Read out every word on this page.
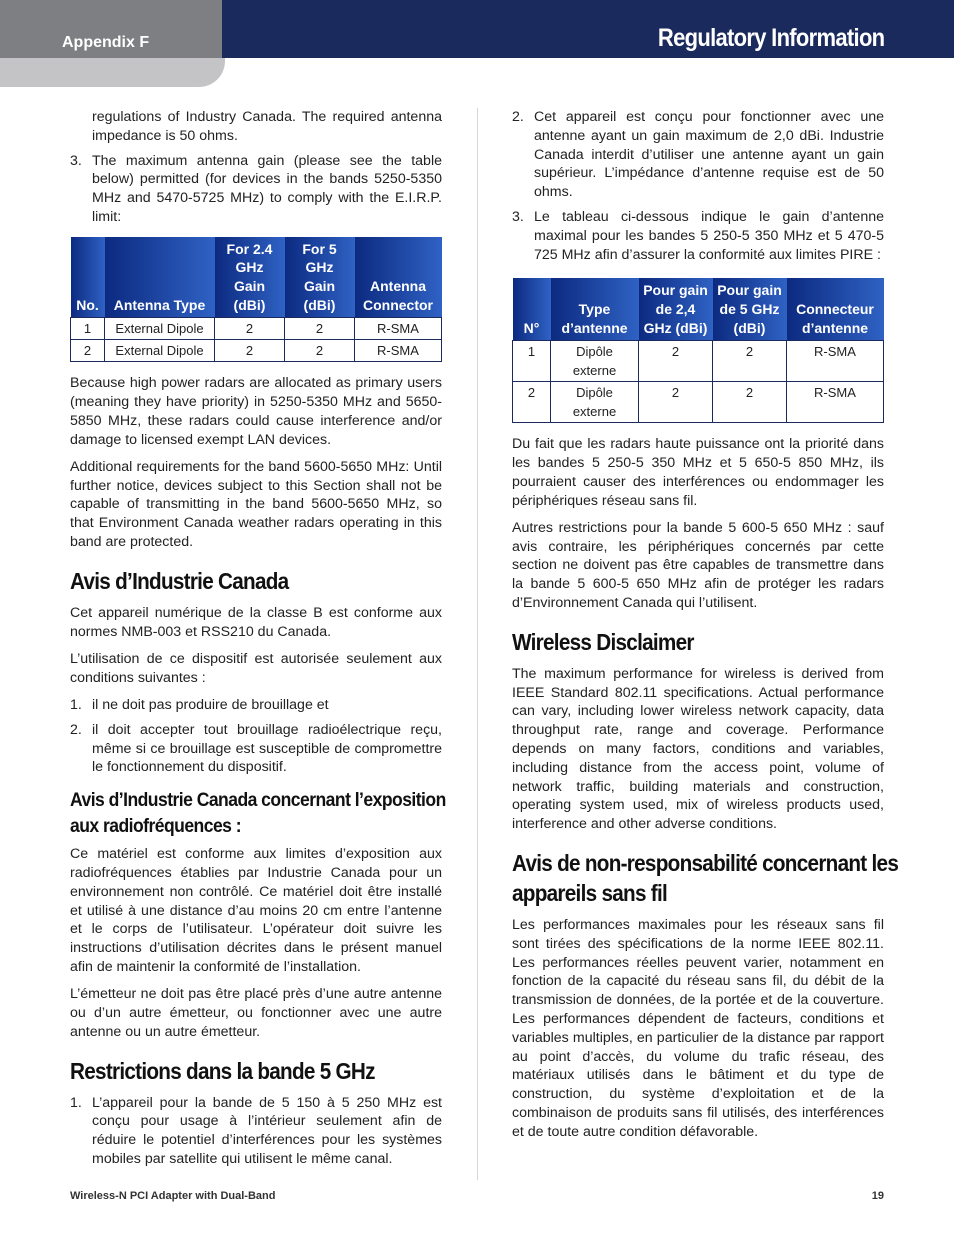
Appendix F	Regulatory Information
regulations of Industry Canada. The required antenna impedance is 50 ohms.
3. The maximum antenna gain (please see the table below) permitted (for devices in the bands 5250-5350 MHz and 5470-5725 MHz) to comply with the E.I.R.P. limit:
No.	Antenna Type	For 2.4 GHz Gain (dBi)	For 5 GHz Gain (dBi)	Antenna Connector
1	External Dipole	2	2	R-SMA
2	External Dipole	2	2	R-SMA

Because high power radars are allocated as primary users (meaning they have priority) in 5250-5350 MHz and 5650-5850 MHz, these radars could cause interference and/or damage to licensed exempt LAN devices.

Additional requirements for the band 5600-5650 MHz: Until further notice, devices subject to this Section shall not be capable of transmitting in the band 5600-5650 MHz, so that Environment Canada weather radars operating in this band are protected.

Avis d’Industrie Canada

Cet appareil numérique de la classe B est conforme aux normes NMB-003 et RSS210 du Canada.

L’utilisation de ce dispositif est autorisée seulement aux conditions suivantes :

1. il ne doit pas produire de brouillage et
2. il doit accepter tout brouillage radioélectrique reçu, même si ce brouillage est susceptible de compromettre le fonctionnement du dispositif.
Avis d’Industrie Canada concernant l’exposition
aux radiofréquences :

Ce matériel est conforme aux limites d’exposition aux radiofréquences établies par Industrie Canada pour un environnement non contrôlé. Ce matériel doit être installé et utilisé à une distance d’au moins 20 cm entre l’antenne et le corps de l’utilisateur. L’opérateur doit suivre les instructions d’utilisation décrites dans le présent manuel afin de maintenir la conformité de l’installation.

L’émetteur ne doit pas être placé près d’une autre antenne ou d’un autre émetteur, ou fonctionner avec une autre antenne ou un autre émetteur.

Restrictions dans la bande 5 GHz
1. L’appareil pour la bande de 5 150 à 5 250 MHz est conçu pour usage à l’intérieur seulement afin de réduire le potentiel d’interférences pour les systèmes mobiles par satellite qui utilisent le même canal.
2. Cet appareil est conçu pour fonctionner avec une antenne ayant un gain maximum de 2,0 dBi. Industrie Canada interdit d’utiliser une antenne ayant un gain supérieur. L’impédance d’antenne requise est de 50 ohms.
3. Le tableau ci-dessous indique le gain d’antenne maximal pour les bandes 5 250-5 350 MHz et 5 470-5 725 MHz afin d’assurer la conformité aux limites PIRE :
N°	Type d’antenne	Pour gain de 2,4 GHz (dBi)	Pour gain de 5 GHz (dBi)	Connecteur d’antenne
1	Dipôle externe	2	2	R-SMA
2	Dipôle externe	2	2	R-SMA

Du fait que les radars haute puissance ont la priorité dans les bandes 5 250-5 350 MHz et 5 650-5 850 MHz, ils pourraient causer des interférences ou endommager les périphériques réseau sans fil.

Autres restrictions pour la bande 5 600-5 650 MHz : sauf avis contraire, les périphériques concernés par cette section ne doivent pas être capables de transmettre dans la bande 5 600-5 650 MHz afin de protéger les radars d’Environnement Canada qui l’utilisent.

Wireless Disclaimer

The maximum performance for wireless is derived from IEEE Standard 802.11 specifications. Actual performance can vary, including lower wireless network capacity, data throughput rate, range and coverage. Performance depends on many factors, conditions and variables, including distance from the access point, volume of network traffic, building materials and construction, operating system used, mix of wireless products used, interference and other adverse conditions.

Avis de non-responsabilité concernant les
appareils sans fil

Les performances maximales pour les réseaux sans fil sont tirées des spécifications de la norme IEEE 802.11. Les performances réelles peuvent varier, notamment en fonction de la capacité du réseau sans fil, du débit de la transmission de données, de la portée et de la couverture. Les performances dépendent de facteurs, conditions et variables multiples, en particulier de la distance par rapport au point d’accès, du volume du trafic réseau, des matériaux utilisés dans le bâtiment et du type de construction, du système d’exploitation et de la combinaison de produits sans fil utilisés, des interférences et de toute autre condition défavorable.

Wireless-N PCI Adapter with Dual-Band	19
